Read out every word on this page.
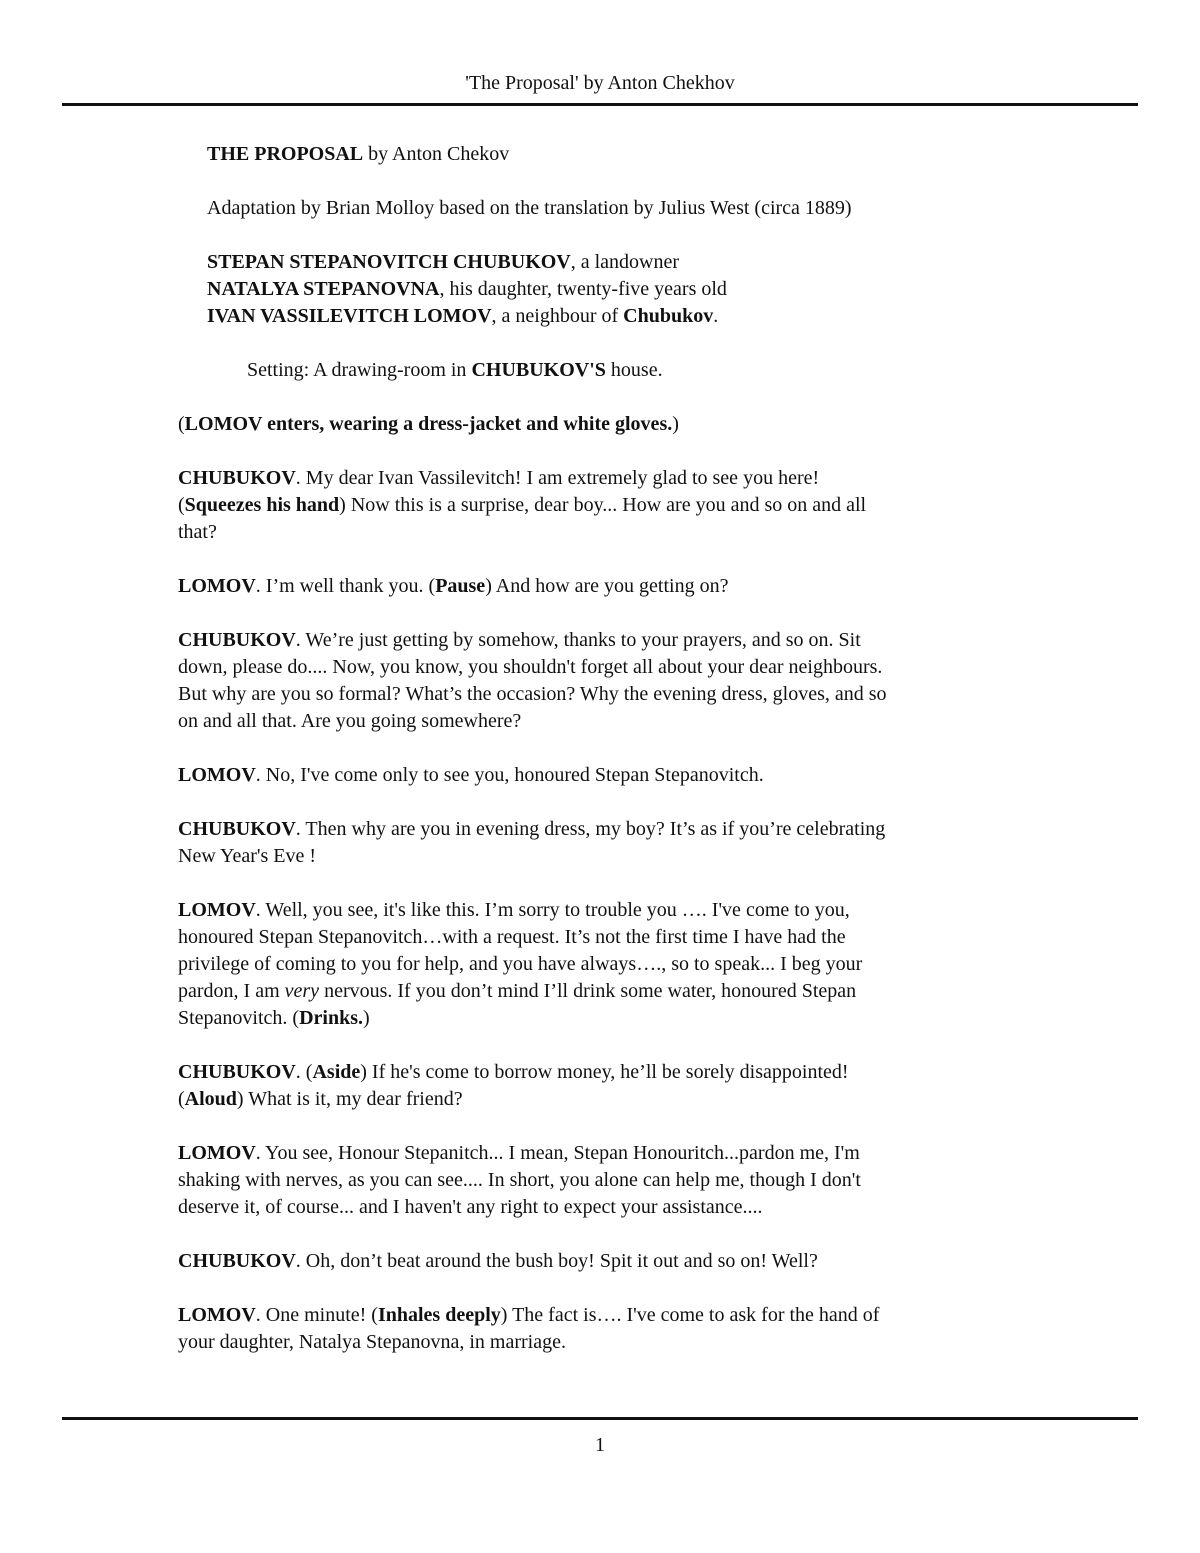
'The Proposal' by Anton Chekhov

THE PROPOSAL by Anton Chekov

Adaptation by Brian Molloy based on the translation by Julius West (circa 1889)

STEPAN STEPANOVITCH CHUBUKOV, a landowner
NATALYA STEPANOVNA, his daughter, twenty-five years old
IVAN VASSILEVITCH LOMOV, a neighbour of Chubukov.

Setting: A drawing-room in CHUBUKOV'S house.

(LOMOV enters, wearing a dress-jacket and white gloves.)

CHUBUKOV. My dear Ivan Vassilevitch! I am extremely glad to see you here!
(Squeezes his hand) Now this is a surprise, dear boy... How are you and so on and all
that?

LOMOV. I’m well thank you. (Pause) And how are you getting on?

CHUBUKOV. We’re just getting by somehow, thanks to your prayers, and so on. Sit
down, please do.... Now, you know, you shouldn't forget all about your dear neighbours.
But why are you so formal? What’s the occasion? Why the evening dress, gloves, and so
on and all that. Are you going somewhere?

LOMOV. No, I've come only to see you, honoured Stepan Stepanovitch.

CHUBUKOV. Then why are you in evening dress, my boy? It’s as if you’re celebrating
New Year's Eve !

LOMOV. Well, you see, it's like this. I’m sorry to trouble you …. I've come to you,
honoured Stepan Stepanovitch…with a request. It’s not the first time I have had the
privilege of coming to you for help, and you have always…., so to speak... I beg your
pardon, I am very nervous. If you don’t mind I’ll drink some water, honoured Stepan
Stepanovitch. (Drinks.)

CHUBUKOV. (Aside) If he's come to borrow money, he’ll be sorely disappointed!
(Aloud) What is it, my dear friend?

LOMOV. You see, Honour Stepanitch... I mean, Stepan Honouritch...pardon me, I'm
shaking with nerves, as you can see.... In short, you alone can help me, though I don't
deserve it, of course... and I haven't any right to expect your assistance....

CHUBUKOV. Oh, don’t beat around the bush boy! Spit it out and so on! Well?

LOMOV. One minute! (Inhales deeply) The fact is…. I've come to ask for the hand of
your daughter, Natalya Stepanovna, in marriage.

1
